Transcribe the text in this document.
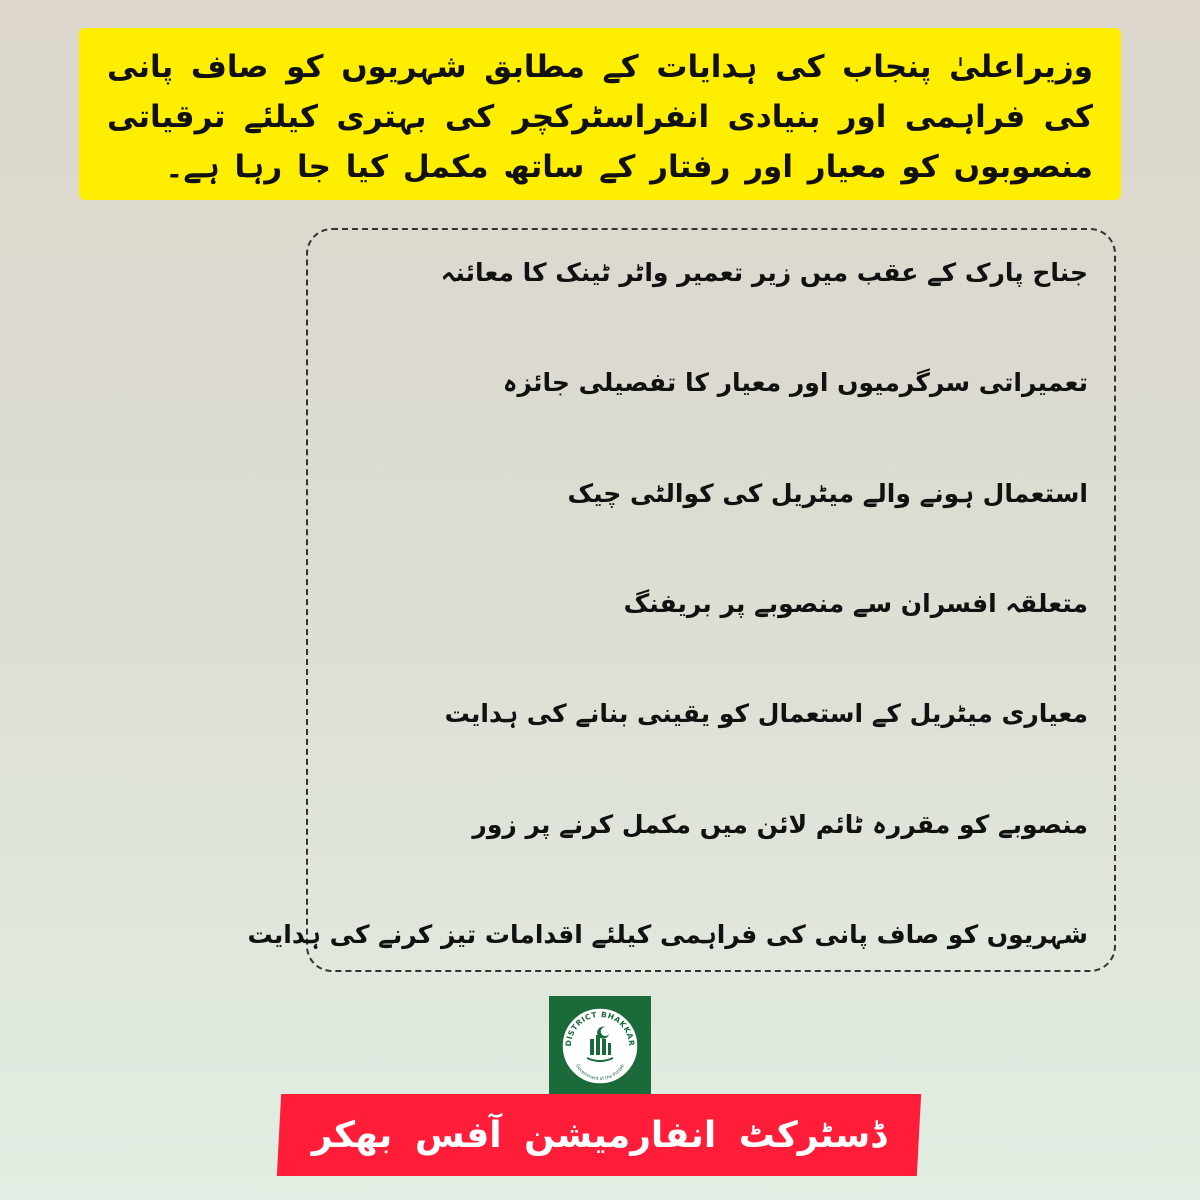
وزیراعلیٰ پنجاب کی ہدایات کے مطابق شہریوں کو صاف پانی کی فراہمی اور بنیادی انفراسٹرکچر کی بہتری کیلئے ترقیاتی منصوبوں کو معیار اور رفتار کے ساتھ مکمل کیا جا رہا ہے۔

جناح پارک کے عقب میں زیر تعمیر واٹر ٹینک کا معائنہ
تعمیراتی سرگرمیوں اور معیار کا تفصیلی جائزہ
استعمال ہونے والے میٹریل کی کوالٹی چیک
متعلقہ افسران سے منصوبے پر بریفنگ
معیاری میٹریل کے استعمال کو یقینی بنانے کی ہدایت
منصوبے کو مقررہ ٹائم لائن میں مکمل کرنے پر زور
شہریوں کو صاف پانی کی فراہمی کیلئے اقدامات تیز کرنے کی ہدایت
DISTRICT BHAKKAR
Government of the Punjab
ڈسٹرکٹ انفارمیشن آفس بھکر
